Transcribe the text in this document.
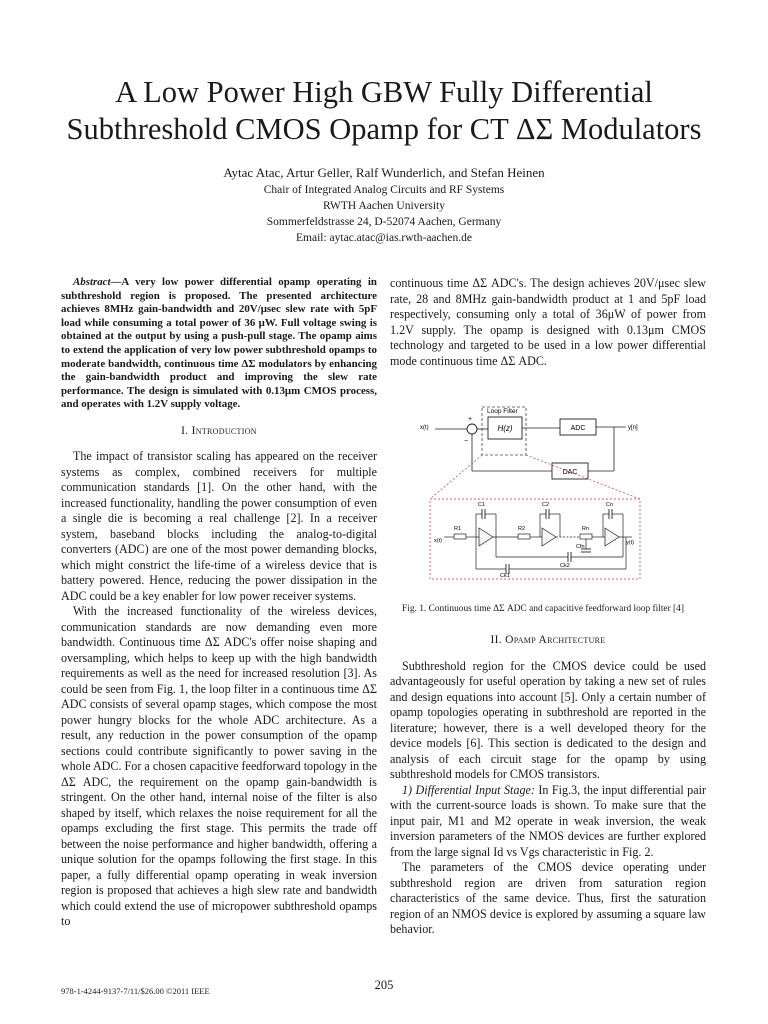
A Low Power High GBW Fully Differential
Subthreshold CMOS Opamp for CT ΔΣ Modulators
Aytac Atac, Artur Geller, Ralf Wunderlich, and Stefan Heinen
Chair of Integrated Analog Circuits and RF Systems
RWTH Aachen University
Sommerfeldstrasse 24, D-52074 Aachen, Germany
Email: aytac.atac@ias.rwth-aachen.de

Abstract—A very low power differential opamp operating in subthreshold region is proposed. The presented architecture achieves 8MHz gain-bandwidth and 20V/μsec slew rate with 5pF load while consuming a total power of 36 μW. Full voltage swing is obtained at the output by using a push-pull stage. The opamp aims to extend the application of very low power subthreshold opamps to moderate bandwidth, continuous time ΔΣ modulators by enhancing the gain-bandwidth product and improving the slew rate performance. The design is simulated with 0.13μm CMOS process, and operates with 1.2V supply voltage.

I. Introduction

The impact of transistor scaling has appeared on the receiver systems as complex, combined receivers for multiple communication standards [1]. On the other hand, with the increased functionality, handling the power consumption of even a single die is becoming a real challenge [2]. In a receiver system, baseband blocks including the analog-to-digital converters (ADC) are one of the most power demanding blocks, which might constrict the life-time of a wireless device that is battery powered. Hence, reducing the power dissipation in the ADC could be a key enabler for low power receiver systems.

With the increased functionality of the wireless devices, communication standards are now demanding even more bandwidth. Continuous time ΔΣ ADC's offer noise shaping and oversampling, which helps to keep up with the high bandwidth requirements as well as the need for increased resolution [3]. As could be seen from Fig. 1, the loop filter in a continuous time ΔΣ ADC consists of several opamp stages, which compose the most power hungry blocks for the whole ADC architecture. As a result, any reduction in the power consumption of the opamp sections could contribute significantly to power saving in the whole ADC. For a chosen capacitive feedforward topology in the ΔΣ ADC, the requirement on the opamp gain-bandwidth is stringent. On the other hand, internal noise of the filter is also shaped by itself, which relaxes the noise requirement for all the opamps excluding the first stage. This permits the trade off between the noise performance and higher bandwidth, offering a unique solution for the opamps following the first stage. In this paper, a fully differential opamp operating in weak inversion region is proposed that achieves a high slew rate and bandwidth which could extend the use of micropower subthreshold opamps to

continuous time ΔΣ ADC's. The design achieves 20V/μsec slew rate, 28 and 8MHz gain-bandwidth product at 1 and 5pF load respectively, consuming only a total of 36μW of power from 1.2V supply. The opamp is designed with 0.13μm CMOS technology and targeted to be used in a low power differential mode continuous time ΔΣ ADC.

Loop Filter
H(z)
+
−
x(t)	ADC	y[n]
DAC
x(t)
R1
C1
R2
C2
Rn
Cn
Cfn
y(t)
Ck2
Ck1

Fig. 1. Continuous time ΔΣ ADC and capacitive feedforward loop filter [4]

II. Opamp Architecture

Subthreshold region for the CMOS device could be used advantageously for useful operation by taking a new set of rules and design equations into account [5]. Only a certain number of opamp topologies operating in subthreshold are reported in the literature; however, there is a well developed theory for the device models [6]. This section is dedicated to the design and analysis of each circuit stage for the opamp by using subthreshold models for CMOS transistors.

1) Differential Input Stage: In Fig.3, the input differential pair with the current-source loads is shown. To make sure that the input pair, M1 and M2 operate in weak inversion, the weak inversion parameters of the NMOS devices are further explored from the large signal Id vs Vgs characteristic in Fig. 2.

The parameters of the CMOS device operating under subthreshold region are driven from saturation region characteristics of the same device. Thus, first the saturation region of an NMOS device is explored by assuming a square law behavior.

978-1-4244-9137-7/11/$26.00 ©2011 IEEE	205
